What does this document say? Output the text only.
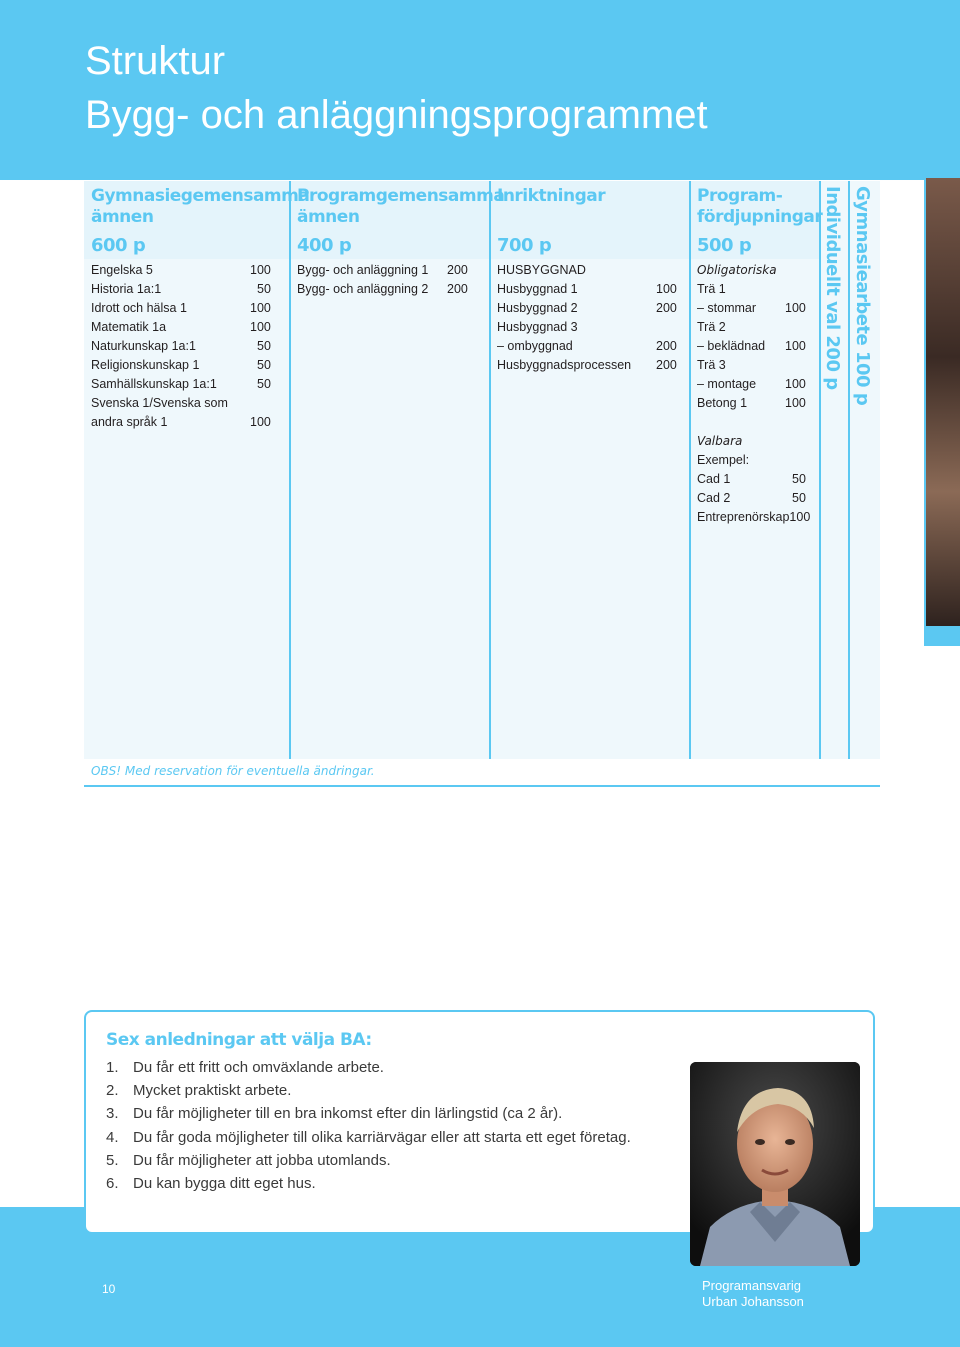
Struktur
Bygg- och anläggningsprogrammet
Gymnasiegemensamma
ämnen
600 p
Engelska 5	100
Historia 1a:1	50
Idrott och hälsa 1	100
Matematik 1a	100
Naturkunskap 1a:1	50
Religionskunskap 1	50
Samhällskunskap 1a:1	50
Svenska 1/Svenska som
andra språk 1	100
Programgemensamma
ämnen
400 p
Bygg- och anläggning 1 200
Bygg- och anläggning 2 200
Inriktningar
700 p
HUSBYGGNAD
Husbyggnad 1	100
Husbyggnad 2	200
Husbyggnad 3
– ombyggnad	200
Husbyggnadsprocessen 200
Program-
fördjupningar
500 p
Obligatoriska
Trä 1
– stommar 100
Trä 2
– beklädnad 100
Trä 3
– montage 100
Betong 1	100
Valbara
Exempel:
Cad 1	50
Cad 2	50
Entreprenörskap100
Individuellt val 200 p Gymnasiearbete 100 p
OBS! Med reservation för eventuella ändringar.
Sex anledningar att välja BA:
1. Du får ett fritt och omväxlande arbete.
2. Mycket praktiskt arbete.
3. Du får möjligheter till en bra inkomst efter din lärlingstid (ca 2 år).
4. Du får goda möjligheter till olika karriärvägar eller att starta ett eget företag.
5. Du får möjligheter att jobba utomlands.
6. Du kan bygga ditt eget hus.
10	Programansvarig
Urban Johansson
